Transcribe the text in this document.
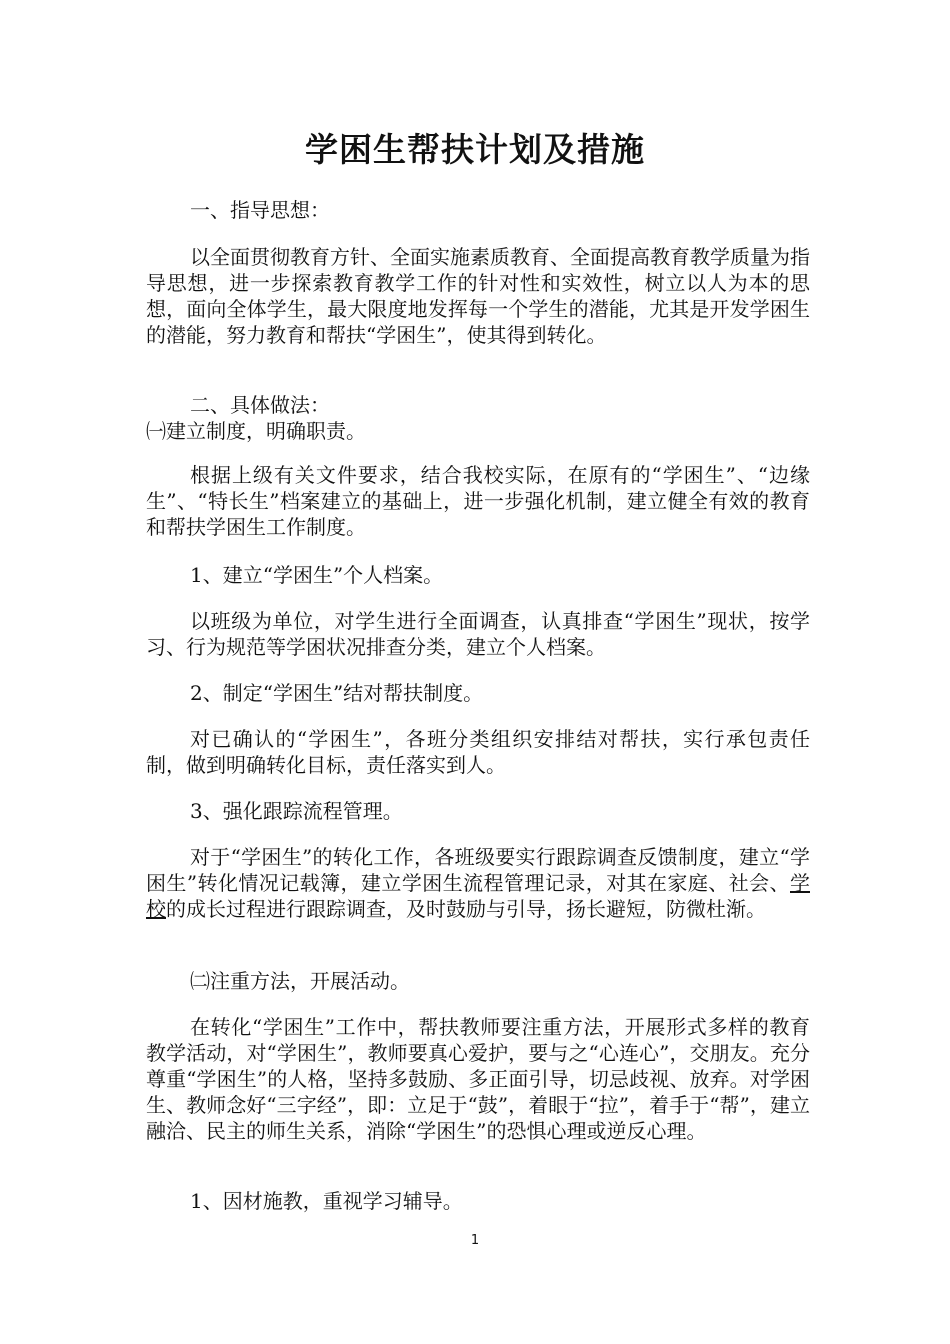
学困生帮扶计划及措施

一、指导思想：

以全面贯彻教育方针、全面实施素质教育、全面提高教育教学质量为指导思想，进一步探索教育教学工作的针对性和实效性，树立以人为本的思想，面向全体学生，最大限度地发挥每一个学生的潜能，尤其是开发学困生的潜能，努力教育和帮扶“学困生”，使其得到转化。

二、具体做法：

㈠建立制度，明确职责。

根据上级有关文件要求，结合我校实际，在原有的“学困生”、“边缘生”、“特长生”档案建立的基础上，进一步强化机制，建立健全有效的教育和帮扶学困生工作制度。

1、建立“学困生”个人档案。

以班级为单位，对学生进行全面调查，认真排查“学困生”现状，按学习、行为规范等学困状况排查分类，建立个人档案。

2、制定“学困生”结对帮扶制度。

对已确认的“学困生”，各班分类组织安排结对帮扶，实行承包责任制，做到明确转化目标，责任落实到人。

3、强化跟踪流程管理。

对于“学困生”的转化工作，各班级要实行跟踪调查反馈制度，建立“学困生”转化情况记载簿，建立学困生流程管理记录，对其在家庭、社会、学校的成长过程进行跟踪调查，及时鼓励与引导，扬长避短，防微杜渐。

㈡注重方法，开展活动。

在转化“学困生”工作中，帮扶教师要注重方法，开展形式多样的教育教学活动，对“学困生”，教师要真心爱护，要与之“心连心”，交朋友。充分尊重“学困生”的人格，坚持多鼓励、多正面引导，切忌歧视、放弃。对学困生、教师念好“三字经”，即：立足于“鼓”，着眼于“拉”，着手于“帮”，建立融洽、民主的师生关系，消除“学困生”的恐惧心理或逆反心理。

1、因材施教，重视学习辅导。

1
